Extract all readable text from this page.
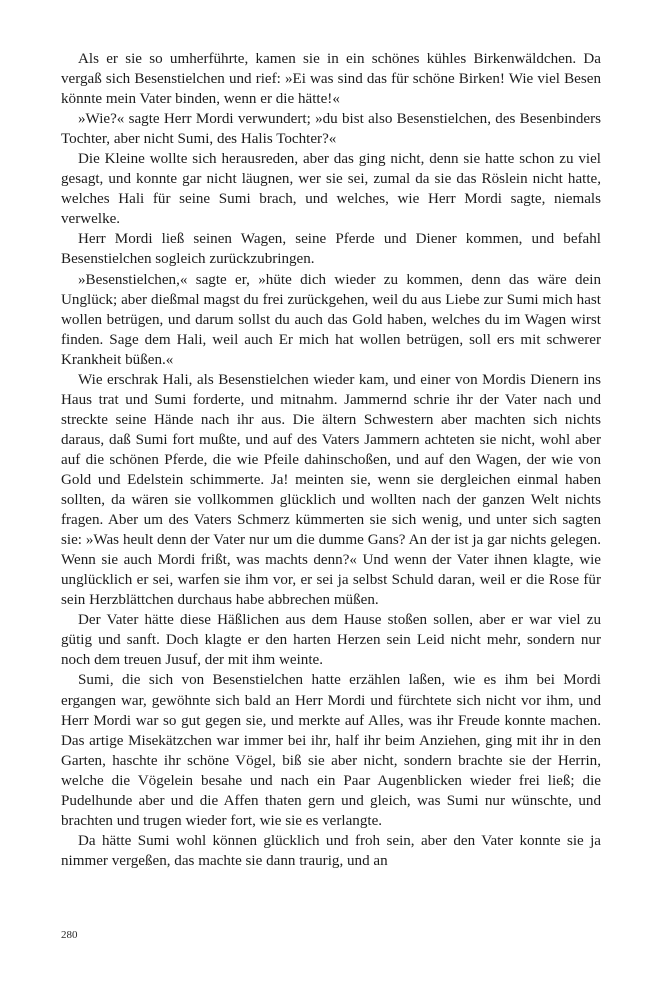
Als er sie so umherführte, kamen sie in ein schönes kühles Birkenwäldchen. Da vergaß sich Besenstielchen und rief: »Ei was sind das für schöne Birken! Wie viel Besen könnte mein Vater binden, wenn er die hätte!«

»Wie?« sagte Herr Mordi verwundert; »du bist also Besenstielchen, des Besenbinders Tochter, aber nicht Sumi, des Halis Tochter?«

Die Kleine wollte sich herausreden, aber das ging nicht, denn sie hatte schon zu viel gesagt, und konnte gar nicht läugnen, wer sie sei, zumal da sie das Röslein nicht hatte, welches Hali für seine Sumi brach, und welches, wie Herr Mordi sagte, niemals verwelke.

Herr Mordi ließ seinen Wagen, seine Pferde und Diener kommen, und befahl Besenstielchen sogleich zurückzubringen.

»Besenstielchen,« sagte er, »hüte dich wieder zu kommen, denn das wäre dein Unglück; aber dießmal magst du frei zurückgehen, weil du aus Liebe zur Sumi mich hast wollen betrügen, und darum sollst du auch das Gold haben, welches du im Wagen wirst finden. Sage dem Hali, weil auch Er mich hat wollen betrügen, soll ers mit schwerer Krankheit büßen.«

Wie erschrak Hali, als Besenstielchen wieder kam, und einer von Mordis Dienern ins Haus trat und Sumi forderte, und mitnahm. Jammernd schrie ihr der Vater nach und streckte seine Hände nach ihr aus. Die ältern Schwestern aber machten sich nichts daraus, daß Sumi fort mußte, und auf des Vaters Jammern achteten sie nicht, wohl aber auf die schönen Pferde, die wie Pfeile dahinschoßen, und auf den Wagen, der wie von Gold und Edelstein schimmerte. Ja! meinten sie, wenn sie dergleichen einmal haben sollten, da wären sie vollkommen glücklich und wollten nach der ganzen Welt nichts fragen. Aber um des Vaters Schmerz kümmerten sie sich wenig, und unter sich sagten sie: »Was heult denn der Vater nur um die dumme Gans? An der ist ja gar nichts gelegen. Wenn sie auch Mordi frißt, was machts denn?« Und wenn der Vater ihnen klagte, wie unglücklich er sei, warfen sie ihm vor, er sei ja selbst Schuld daran, weil er die Rose für sein Herzblättchen durchaus habe abbrechen müßen.

Der Vater hätte diese Häßlichen aus dem Hause stoßen sollen, aber er war viel zu gütig und sanft. Doch klagte er den harten Herzen sein Leid nicht mehr, sondern nur noch dem treuen Jusuf, der mit ihm weinte.

Sumi, die sich von Besenstielchen hatte erzählen laßen, wie es ihm bei Mordi ergangen war, gewöhnte sich bald an Herr Mordi und fürchtete sich nicht vor ihm, und Herr Mordi war so gut gegen sie, und merkte auf Alles, was ihr Freude konnte machen. Das artige Misekätzchen war immer bei ihr, half ihr beim Anziehen, ging mit ihr in den Garten, haschte ihr schöne Vögel, biß sie aber nicht, sondern brachte sie der Herrin, welche die Vögelein besahe und nach ein Paar Augenblicken wieder frei ließ; die Pudelhunde aber und die Affen thaten gern und gleich, was Sumi nur wünschte, und brachten und trugen wieder fort, wie sie es verlangte.

Da hätte Sumi wohl können glücklich und froh sein, aber den Vater konnte sie ja nimmer vergeßen, das machte sie dann traurig, und an

280
